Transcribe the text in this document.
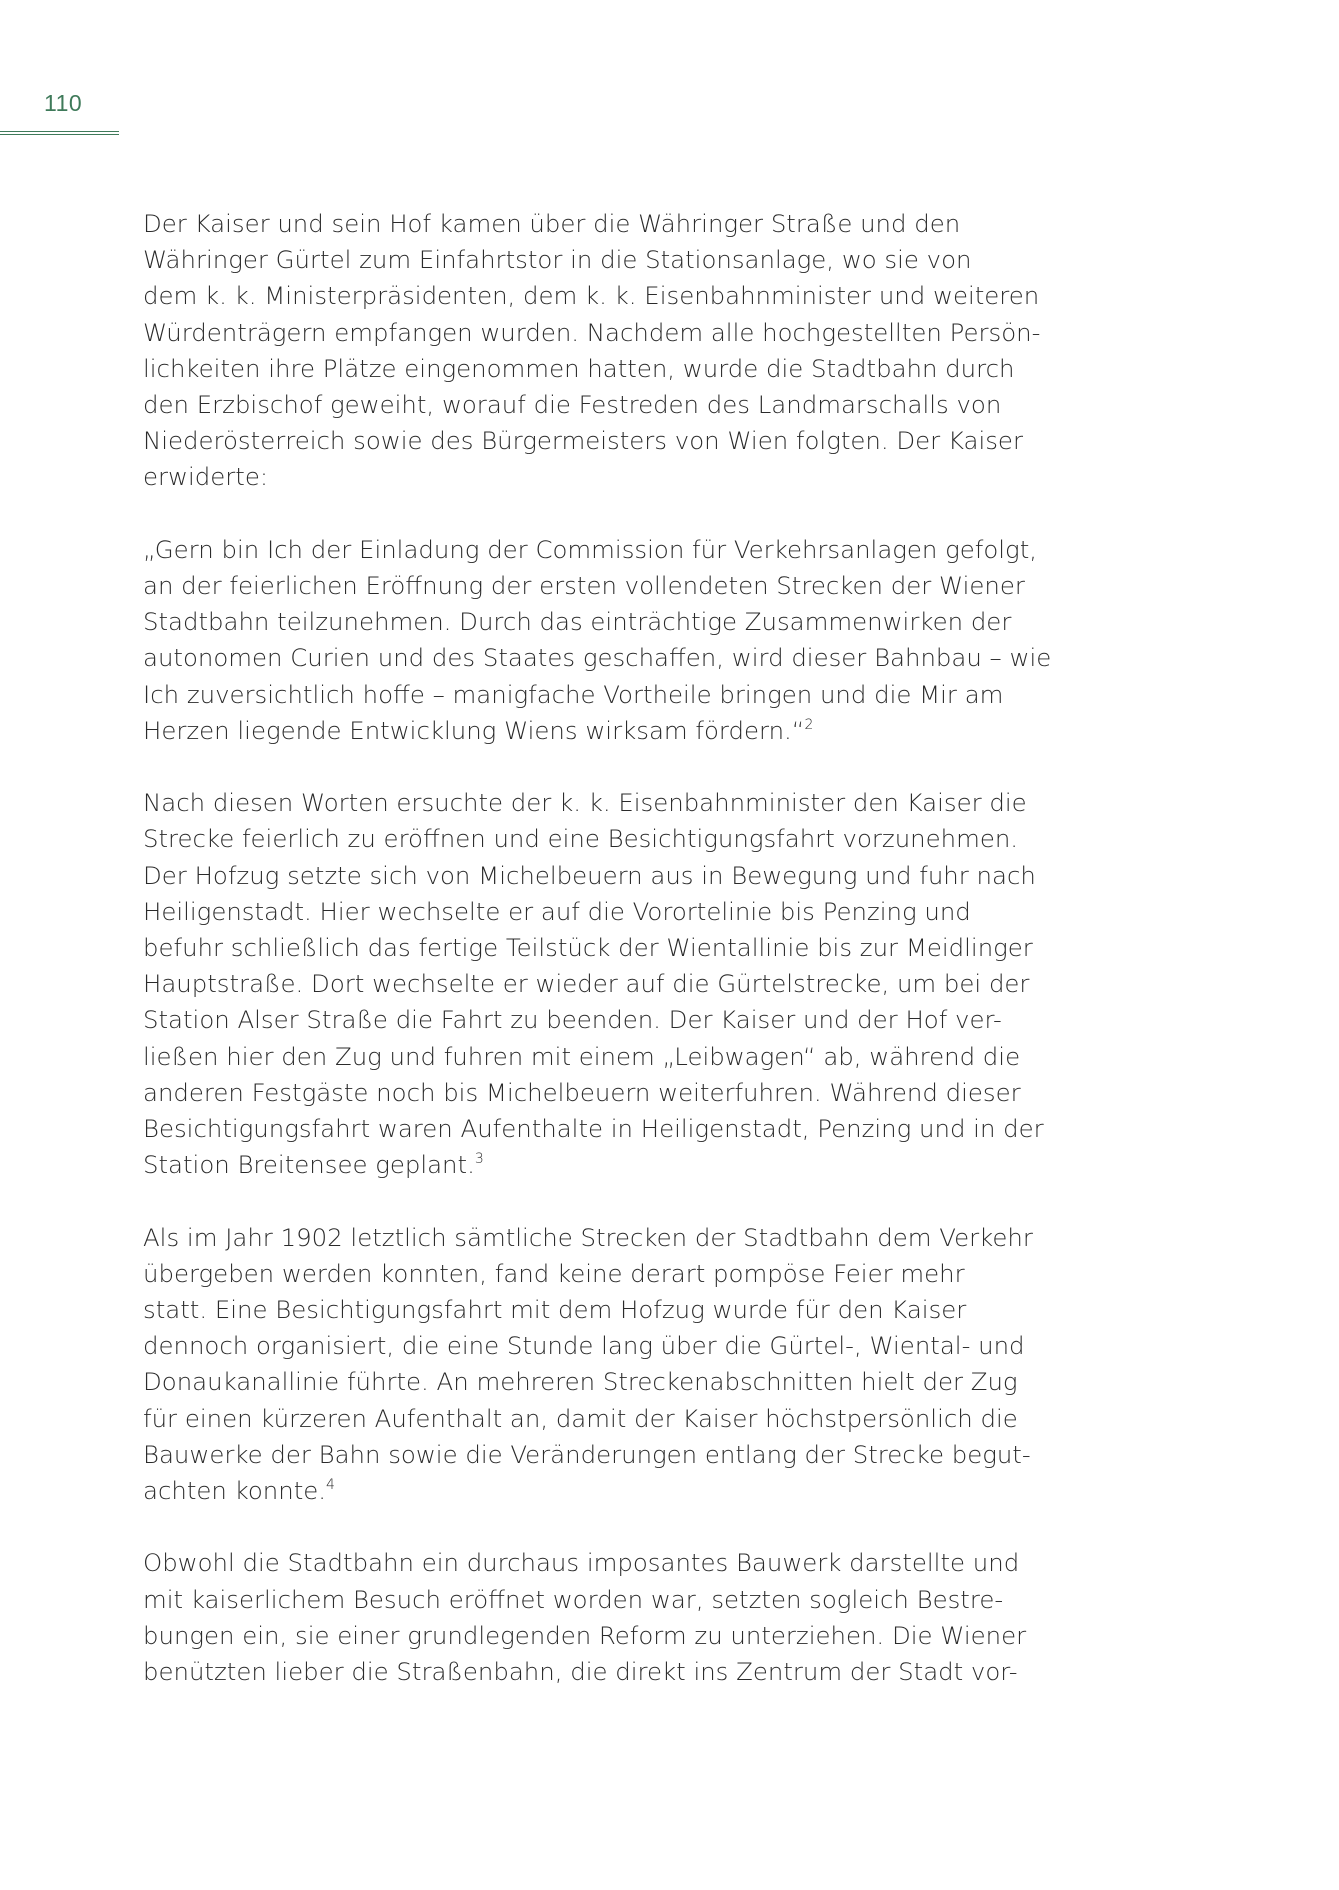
110

Der Kaiser und sein Hof kamen über die Währinger Straße und den
Währinger Gürtel zum Einfahrtstor in die Stationsanlage, wo sie von
dem k. k. Ministerpräsidenten, dem k. k. Eisenbahnminister und weiteren
Würdenträgern empfangen wurden. Nachdem alle hochgestellten Persön-
lichkeiten ihre Plätze eingenommen hatten, wurde die Stadtbahn durch
den Erzbischof geweiht, worauf die Festreden des Landmarschalls von
Niederösterreich sowie des Bürgermeisters von Wien folgten. Der Kaiser
erwiderte:

„Gern bin Ich der Einladung der Commission für Verkehrsanlagen gefolgt,
an der feierlichen Eröffnung der ersten vollendeten Strecken der Wiener
Stadtbahn teilzunehmen. Durch das einträchtige Zusammenwirken der
autonomen Curien und des Staates geschaffen, wird dieser Bahnbau – wie
Ich zuversichtlich hoffe – manigfache Vortheile bringen und die Mir am
Herzen liegende Entwicklung Wiens wirksam fördern.“$^2$

Nach diesen Worten ersuchte der k. k. Eisenbahnminister den Kaiser die
Strecke feierlich zu eröffnen und eine Besichtigungsfahrt vorzunehmen.
Der Hofzug setzte sich von Michelbeuern aus in Bewegung und fuhr nach
Heiligenstadt. Hier wechselte er auf die Vorortelinie bis Penzing und
befuhr schließlich das fertige Teilstück der Wientallinie bis zur Meidlinger
Hauptstraße. Dort wechselte er wieder auf die Gürtelstrecke, um bei der
Station Alser Straße die Fahrt zu beenden. Der Kaiser und der Hof ver-
ließen hier den Zug und fuhren mit einem „Leibwagen“ ab, während die
anderen Festgäste noch bis Michelbeuern weiterfuhren. Während dieser
Besichtigungsfahrt waren Aufenthalte in Heiligenstadt, Penzing und in der
Station Breitensee geplant.$^3$

Als im Jahr 1902 letztlich sämtliche Strecken der Stadtbahn dem Verkehr
übergeben werden konnten, fand keine derart pompöse Feier mehr
statt. Eine Besichtigungsfahrt mit dem Hofzug wurde für den Kaiser
dennoch organisiert, die eine Stunde lang über die Gürtel-, Wiental- und
Donaukanallinie führte. An mehreren Streckenabschnitten hielt der Zug
für einen kürzeren Aufenthalt an, damit der Kaiser höchstpersönlich die
Bauwerke der Bahn sowie die Veränderungen entlang der Strecke begut-
achten konnte.$^4$

Obwohl die Stadtbahn ein durchaus imposantes Bauwerk darstellte und
mit kaiserlichem Besuch eröffnet worden war, setzten sogleich Bestre-
bungen ein, sie einer grundlegenden Reform zu unterziehen. Die Wiener
benützten lieber die Straßenbahn, die direkt ins Zentrum der Stadt vor-
